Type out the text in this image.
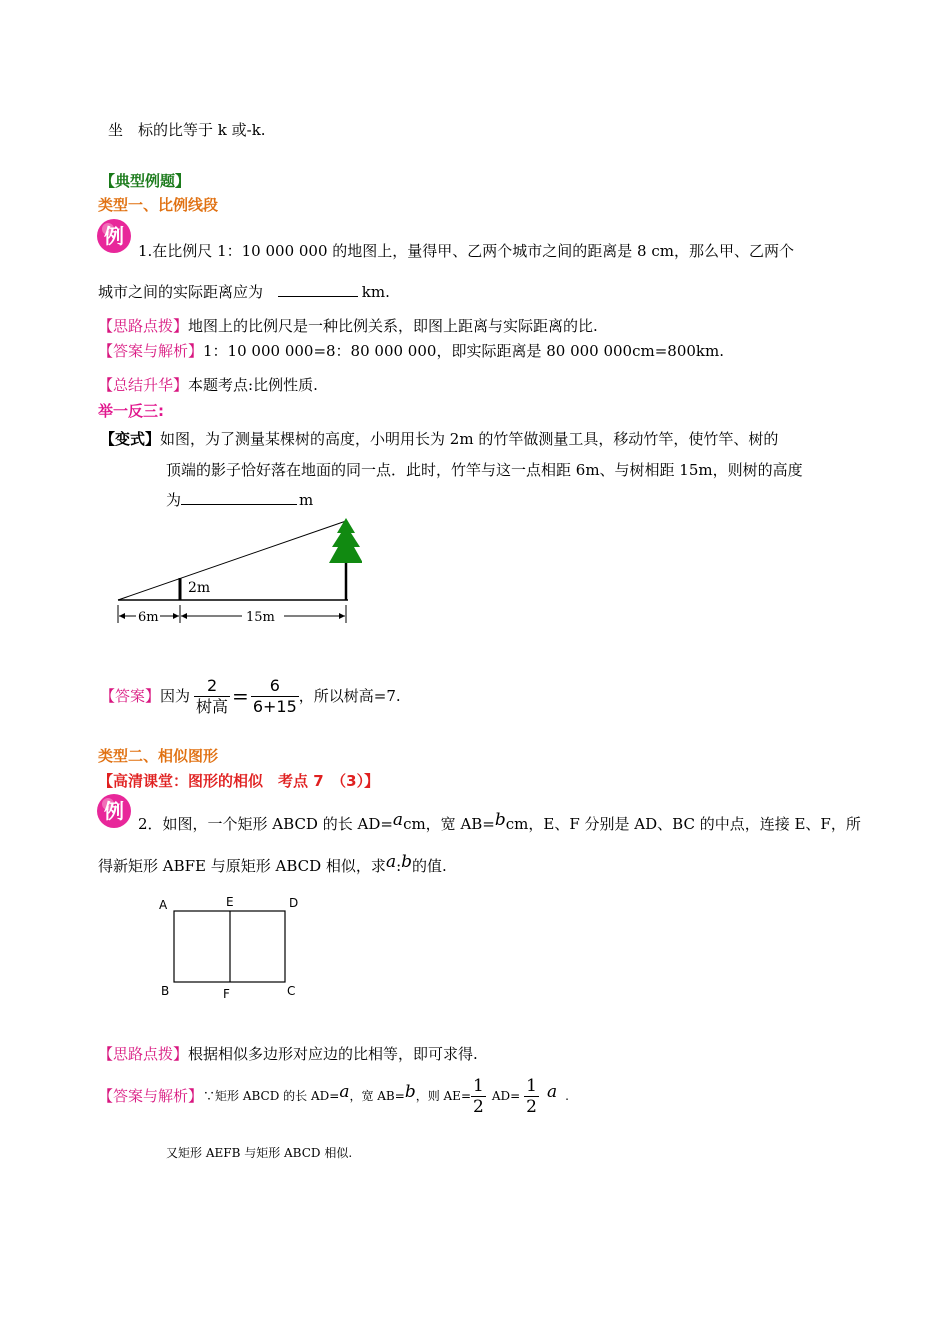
坐　标的比等于 k 或-k.
【典型例题】
类型一、比例线段
例
1.在比例尺 1：10 000 000 的地图上，量得甲、乙两个城市之间的距离是 8 cm，那么甲、乙两个
城市之间的实际距离应为	km.
【思路点拨】地图上的比例尺是一种比例关系，即图上距离与实际距离的比.
【答案与解析】1：10 000 000=8：80 000 000，即实际距离是 80 000 000cm=800km.
【总结升华】本题考点:比例性质.
举一反三:
【变式】如图，为了测量某棵树的高度，小明用长为 2m 的竹竿做测量工具，移动竹竿，使竹竿、树的
顶端的影子恰好落在地面的同一点．此时，竹竿与这一点相距 6m、与树相距 15m，则树的高度
为	m
2m
6m	15m
【答案】 因为 $\frac{2}{\text{树高}} = \frac{6}{6+15}$ ，所以树高=7.
类型二、相似图形
【高清课堂：图形的相似　考点 7　（3）】
例
2．如图，一个矩形 ABCD 的长 AD=acm，宽 AB=bcm，E、F 分别是 AD、BC 的中点，连接 E、F，所
得新矩形 ABFE 与原矩形 ABCD 相似，求a:b的值.
A	E	D
B	F	C
【思路点拨】根据相似多边形对应边的比相等，即可求得.
【答案与解析】 ∵矩形 ABCD 的长 AD= a ，宽 AB= b ，则 $AE= \frac{1}{2} AD= \frac{1}{2}$ a .
又矩形 AEFB 与矩形 ABCD 相似.
